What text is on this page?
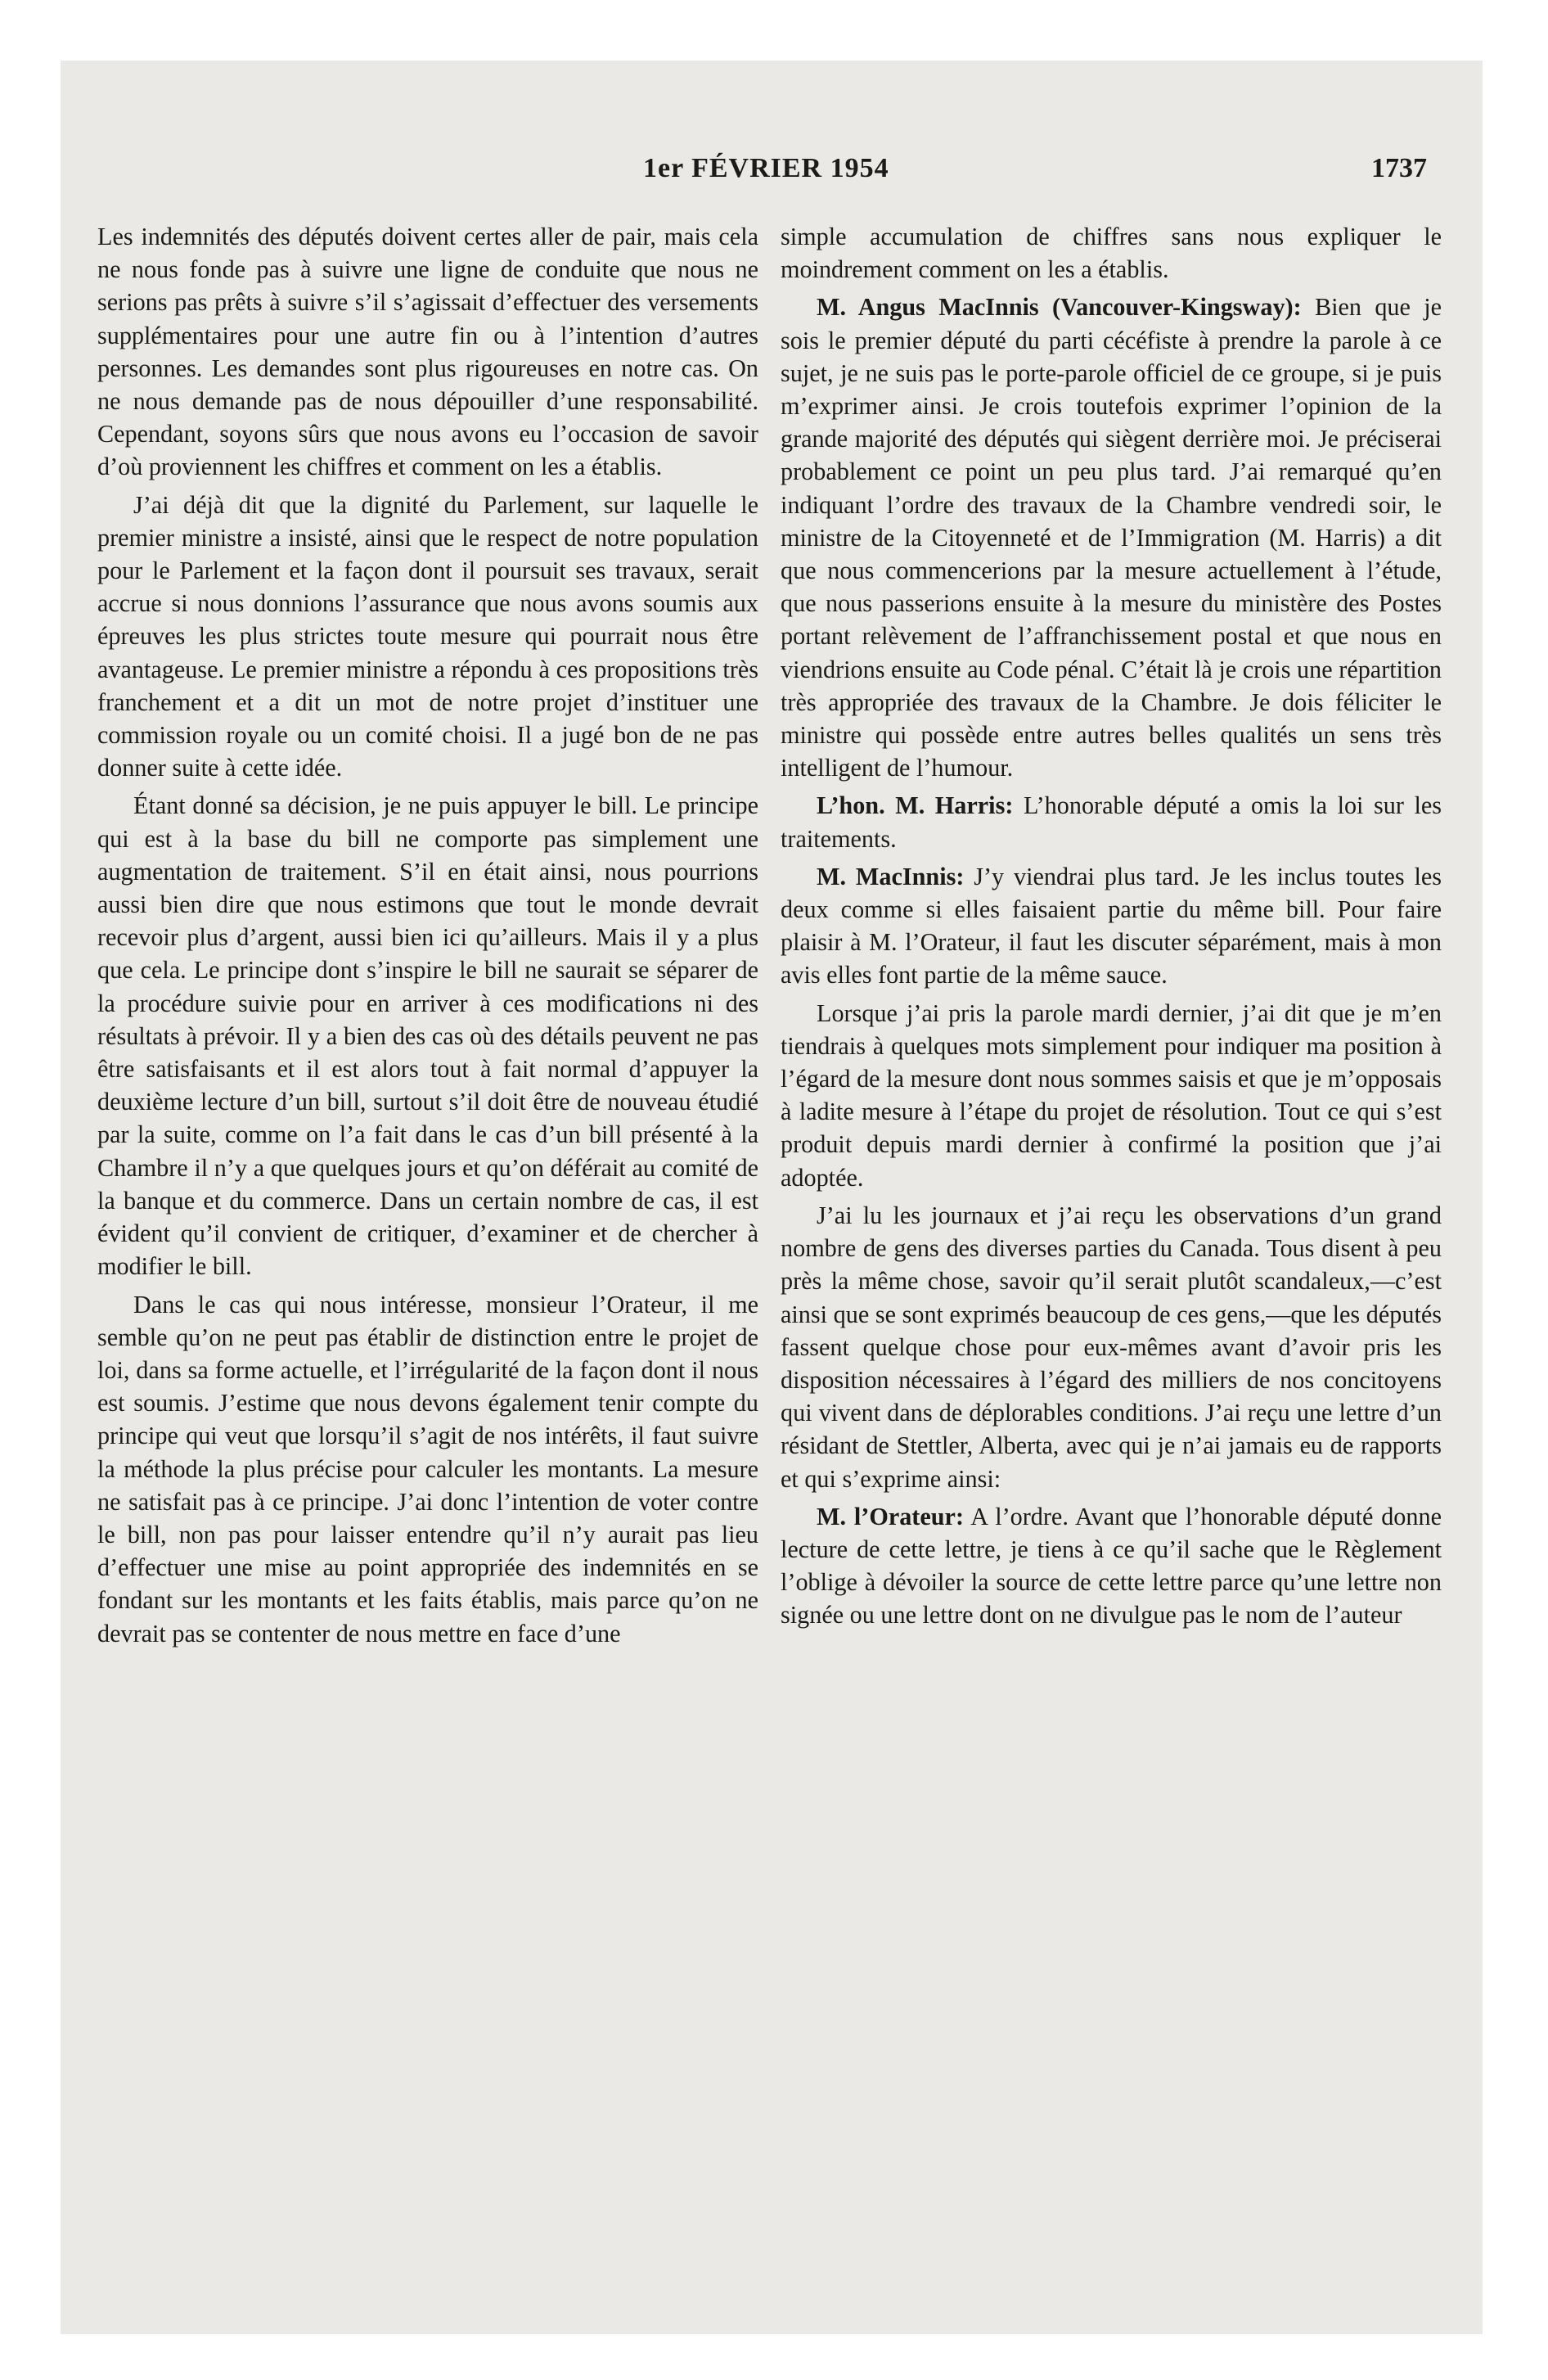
1er FÉVRIER 1954	1737

Les indemnités des députés doivent certes aller de pair, mais cela ne nous fonde pas à suivre une ligne de conduite que nous ne serions pas prêts à suivre s’il s’agissait d’effectuer des versements supplémentaires pour une autre fin ou à l’intention d’autres personnes. Les demandes sont plus rigoureuses en notre cas. On ne nous demande pas de nous dépouiller d’une responsabilité. Cependant, soyons sûrs que nous avons eu l’occasion de savoir d’où proviennent les chiffres et comment on les a établis.

J’ai déjà dit que la dignité du Parlement, sur laquelle le premier ministre a insisté, ainsi que le respect de notre population pour le Parlement et la façon dont il poursuit ses travaux, serait accrue si nous donnions l’assurance que nous avons soumis aux épreuves les plus strictes toute mesure qui pourrait nous être avantageuse. Le premier ministre a répondu à ces propositions très franchement et a dit un mot de notre projet d’instituer une commission royale ou un comité choisi. Il a jugé bon de ne pas donner suite à cette idée.

Étant donné sa décision, je ne puis appuyer le bill. Le principe qui est à la base du bill ne comporte pas simplement une augmentation de traitement. S’il en était ainsi, nous pourrions aussi bien dire que nous estimons que tout le monde devrait recevoir plus d’argent, aussi bien ici qu’ailleurs. Mais il y a plus que cela. Le principe dont s’inspire le bill ne saurait se séparer de la procédure suivie pour en arriver à ces modifications ni des résultats à prévoir. Il y a bien des cas où des détails peuvent ne pas être satisfaisants et il est alors tout à fait normal d’appuyer la deuxième lecture d’un bill, surtout s’il doit être de nouveau étudié par la suite, comme on l’a fait dans le cas d’un bill présenté à la Chambre il n’y a que quelques jours et qu’on déférait au comité de la banque et du commerce. Dans un certain nombre de cas, il est évident qu’il convient de critiquer, d’examiner et de chercher à modifier le bill.

Dans le cas qui nous intéresse, monsieur l’Orateur, il me semble qu’on ne peut pas établir de distinction entre le projet de loi, dans sa forme actuelle, et l’irrégularité de la façon dont il nous est soumis. J’estime que nous devons également tenir compte du principe qui veut que lorsqu’il s’agit de nos intérêts, il faut suivre la méthode la plus précise pour calculer les montants. La mesure ne satisfait pas à ce principe. J’ai donc l’intention de voter contre le bill, non pas pour laisser entendre qu’il n’y aurait pas lieu d’effectuer une mise au point appropriée des indemnités en se fondant sur les montants et les faits établis, mais parce qu’on ne devrait pas se contenter de nous mettre en face d’une

simple accumulation de chiffres sans nous expliquer le moindrement comment on les a établis.

M. Angus MacInnis (Vancouver-Kingsway): Bien que je sois le premier député du parti cécéfiste à prendre la parole à ce sujet, je ne suis pas le porte-parole officiel de ce groupe, si je puis m’exprimer ainsi. Je crois toutefois exprimer l’opinion de la grande majorité des députés qui siègent derrière moi. Je préciserai probablement ce point un peu plus tard. J’ai remarqué qu’en indiquant l’ordre des travaux de la Chambre vendredi soir, le ministre de la Citoyenneté et de l’Immigration (M. Harris) a dit que nous commencerions par la mesure actuellement à l’étude, que nous passerions ensuite à la mesure du ministère des Postes portant relèvement de l’affranchissement postal et que nous en viendrions ensuite au Code pénal. C’était là je crois une répartition très appropriée des travaux de la Chambre. Je dois féliciter le ministre qui possède entre autres belles qualités un sens très intelligent de l’humour.

L’hon. M. Harris: L’honorable député a omis la loi sur les traitements.

M. MacInnis: J’y viendrai plus tard. Je les inclus toutes les deux comme si elles faisaient partie du même bill. Pour faire plaisir à M. l’Orateur, il faut les discuter séparément, mais à mon avis elles font partie de la même sauce.

Lorsque j’ai pris la parole mardi dernier, j’ai dit que je m’en tiendrais à quelques mots simplement pour indiquer ma position à l’égard de la mesure dont nous sommes saisis et que je m’opposais à ladite mesure à l’étape du projet de résolution. Tout ce qui s’est produit depuis mardi dernier à confirmé la position que j’ai adoptée.

J’ai lu les journaux et j’ai reçu les observations d’un grand nombre de gens des diverses parties du Canada. Tous disent à peu près la même chose, savoir qu’il serait plutôt scandaleux,—c’est ainsi que se sont exprimés beaucoup de ces gens,—que les députés fassent quelque chose pour eux-mêmes avant d’avoir pris les disposition nécessaires à l’égard des milliers de nos concitoyens qui vivent dans de déplorables conditions. J’ai reçu une lettre d’un résidant de Stettler, Alberta, avec qui je n’ai jamais eu de rapports et qui s’exprime ainsi:

M. l’Orateur: A l’ordre. Avant que l’honorable député donne lecture de cette lettre, je tiens à ce qu’il sache que le Règlement l’oblige à dévoiler la source de cette lettre parce qu’une lettre non signée ou une lettre dont on ne divulgue pas le nom de l’auteur
